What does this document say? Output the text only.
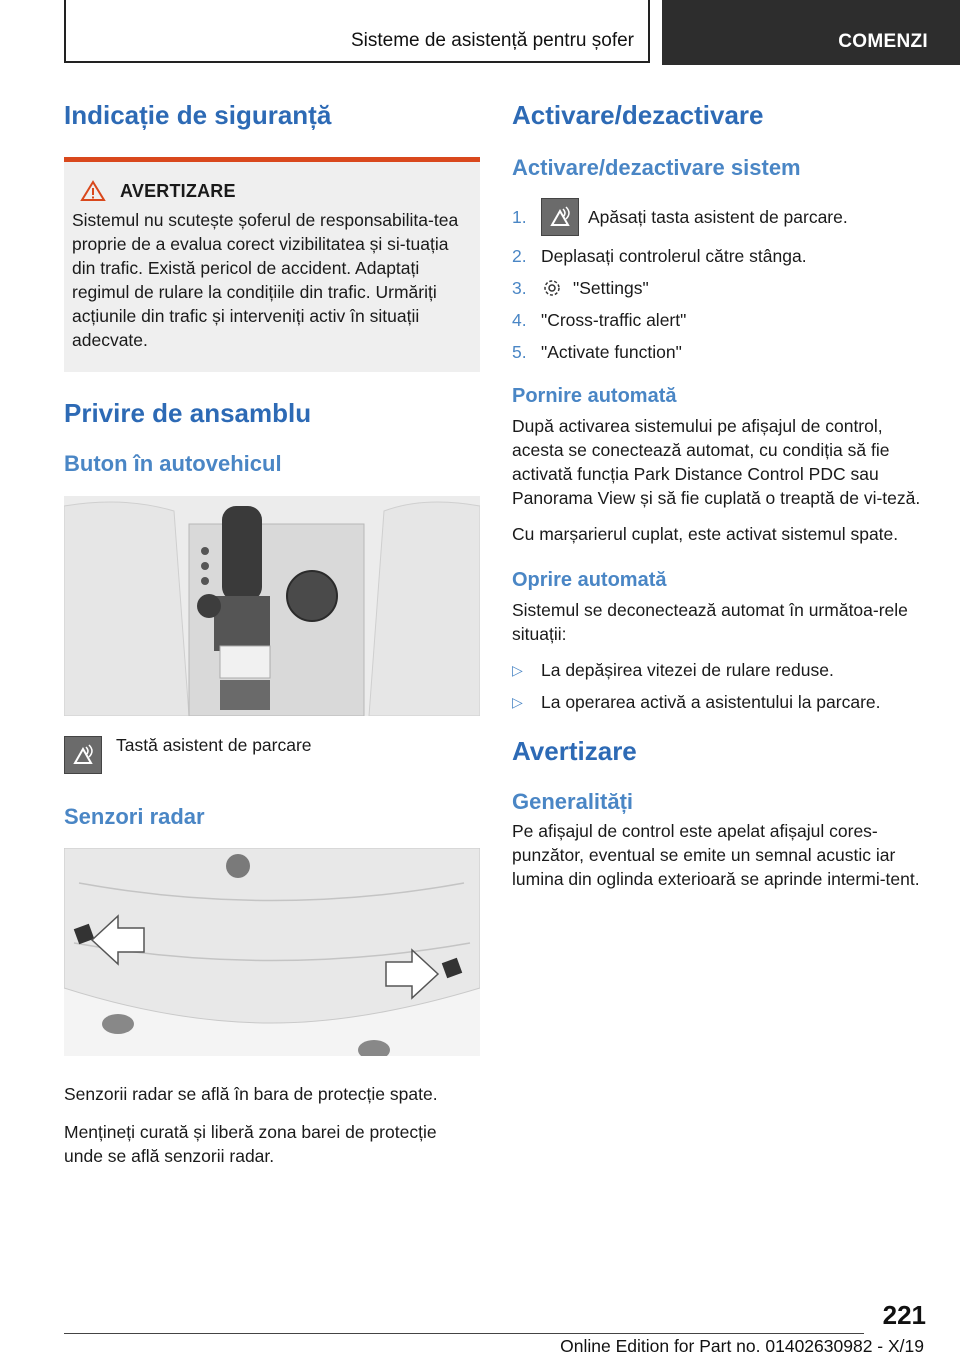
Sisteme de asistență pentru șofer	COMENZI
Indicație de siguranță
AVERTIZARE

Sistemul nu scutește șoferul de responsabilita-tea proprie de a evalua corect vizibilitatea și si-tuația din trafic. Există pericol de accident. Adaptați regimul de rulare la condițiile din trafic. Urmăriți acțiunile din trafic și interveniți activ în situații adecvate.

Privire de ansamblu
Buton în autovehicul

Tastă asistent de parcare

Senzori radar

Senzorii radar se află în bara de protecție spate.

Mențineți curată și liberă zona barei de protecție unde se află senzorii radar.

Activare/dezactivare
Activare/dezactivare sistem
1.	Apăsați tasta asistent de parcare.
2. Deplasați controlerul către stânga.
3.	"Settings"
4. "Cross-traffic alert"
5. "Activate function"
Pornire automată

După activarea sistemului pe afișajul de control, acesta se conectează automat, cu condiția să fie activată funcția Park Distance Control PDC sau Panorama View și să fie cuplată o treaptă de vi-teză.

Cu marșarierul cuplat, este activat sistemul spate.

Oprire automată

Sistemul se deconectează automat în următoa-rele situații:

▷	La depășirea vitezei de rulare reduse.
▷	La operarea activă a asistentului la parcare.
Avertizare
Generalități

Pe afișajul de control este apelat afișajul cores-punzător, eventual se emite un semnal acustic iar lumina din oglinda exterioară se aprinde intermi-tent.

221
Online Edition for Part no. 01402630982 - X/19
